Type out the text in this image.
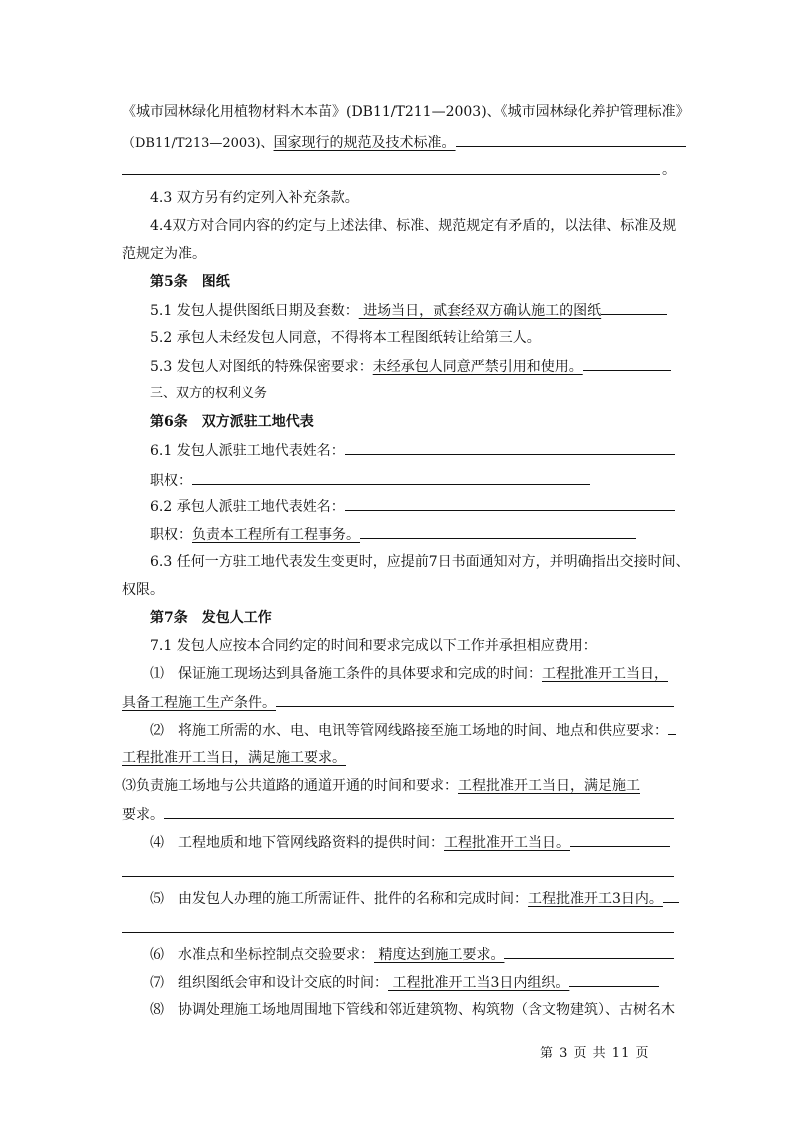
《城市园林绿化用植物材料木本苗》(DB11/T211—2003)、《城市园林绿化养护管理标准》
（DB11/T213—2003)、国家现行的规范及技术标准。
。
4.3 双方另有约定列入补充条款。
4.4双方对合同内容的约定与上述法律、标准、规范规定有矛盾的，以法律、标准及规
范规定为准。
第5条　图纸
5.1 发包人提供图纸日期及套数： 进场当日，贰套经双方确认施工的图纸
5.2 承包人未经发包人同意，不得将本工程图纸转让给第三人。
5.3 发包人对图纸的特殊保密要求：未经承包人同意严禁引用和使用。
三、双方的权利义务
第6条　双方派驻工地代表
6.1 发包人派驻工地代表姓名：
职权：
6.2 承包人派驻工地代表姓名：
职权：负责本工程所有工程事务。
6.3 任何一方驻工地代表发生变更时，应提前7日书面通知对方，并明确指出交接时间、
权限。
第7条　发包人工作
7.1 发包人应按本合同约定的时间和要求完成以下工作并承担相应费用：
⑴　保证施工现场达到具备施工条件的具体要求和完成的时间：工程批准开工当日，
具备工程施工生产条件。
⑵　将施工所需的水、电、电讯等管网线路接至施工场地的时间、地点和供应要求：
工程批准开工当日，满足施工要求。
⑶负责施工场地与公共道路的通道开通的时间和要求：工程批准开工当日，满足施工
要求。
⑷　工程地质和地下管网线路资料的提供时间：工程批准开工当日。
⑸　由发包人办理的施工所需证件、批件的名称和完成时间：工程批准开工3日内。
⑹　水准点和坐标控制点交验要求： 精度达到施工要求。
⑺　组织图纸会审和设计交底的时间： 工程批准开工当3日内组织。
⑻　协调处理施工场地周围地下管线和邻近建筑物、构筑物（含文物建筑）、古树名木
第 3 页 共 11 页
